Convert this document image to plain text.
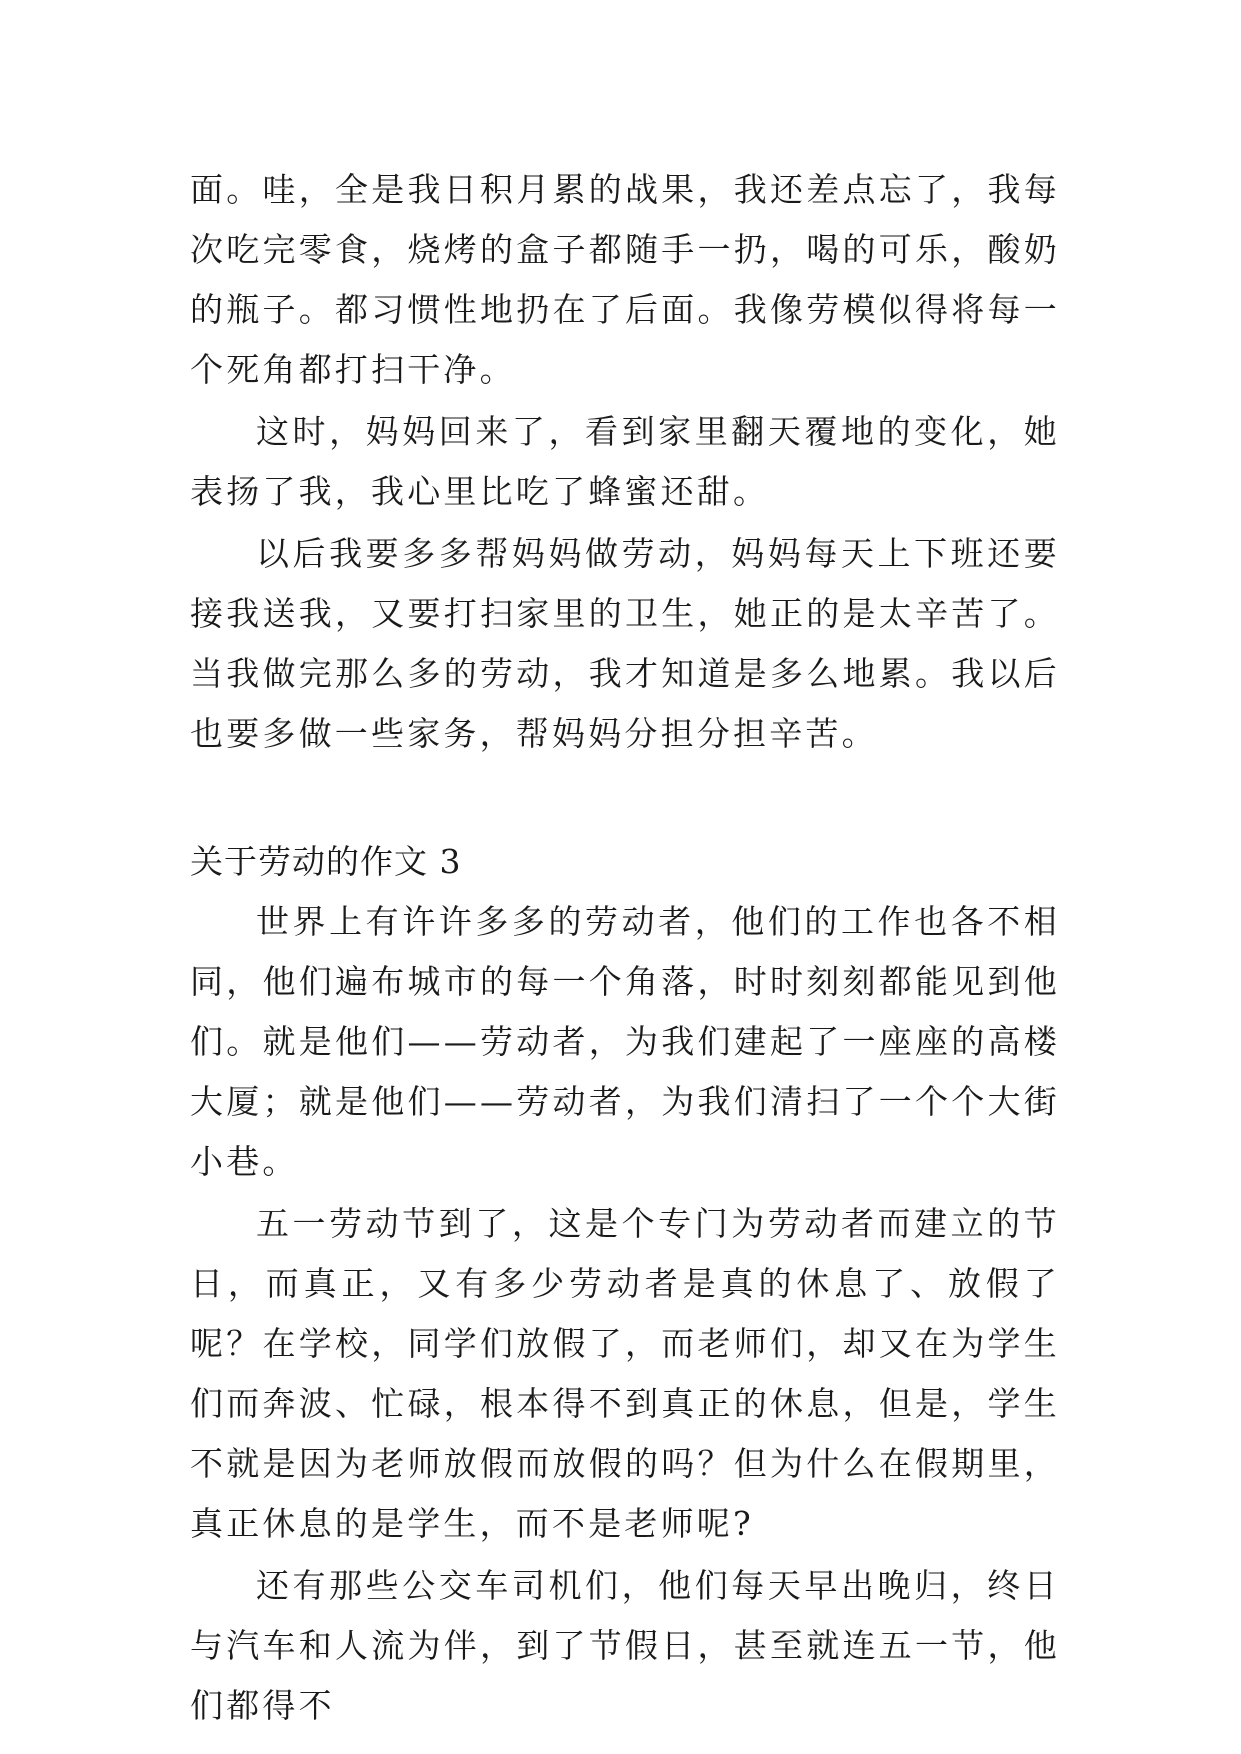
面。哇，全是我日积月累的战果，我还差点忘了，我每次吃完零食，烧烤的盒子都随手一扔，喝的可乐，酸奶的瓶子。都习惯性地扔在了后面。我像劳模似得将每一个死角都打扫干净。

这时，妈妈回来了，看到家里翻天覆地的变化，她表扬了我，我心里比吃了蜂蜜还甜。

以后我要多多帮妈妈做劳动，妈妈每天上下班还要接我送我，又要打扫家里的卫生，她正的是太辛苦了。当我做完那么多的劳动，我才知道是多么地累。我以后也要多做一些家务，帮妈妈分担分担辛苦。

关于劳动的作文 3

世界上有许许多多的劳动者，他们的工作也各不相同，他们遍布城市的每一个角落，时时刻刻都能见到他们。就是他们——劳动者，为我们建起了一座座的高楼大厦；就是他们——劳动者，为我们清扫了一个个大街小巷。

五一劳动节到了，这是个专门为劳动者而建立的节日，而真正，又有多少劳动者是真的休息了、放假了呢？在学校，同学们放假了，而老师们，却又在为学生们而奔波、忙碌，根本得不到真正的休息，但是，学生不就是因为老师放假而放假的吗？但为什么在假期里，真正休息的是学生，而不是老师呢?

还有那些公交车司机们，他们每天早出晚归，终日与汽车和人流为伴，到了节假日，甚至就连五一节，他们都得不
